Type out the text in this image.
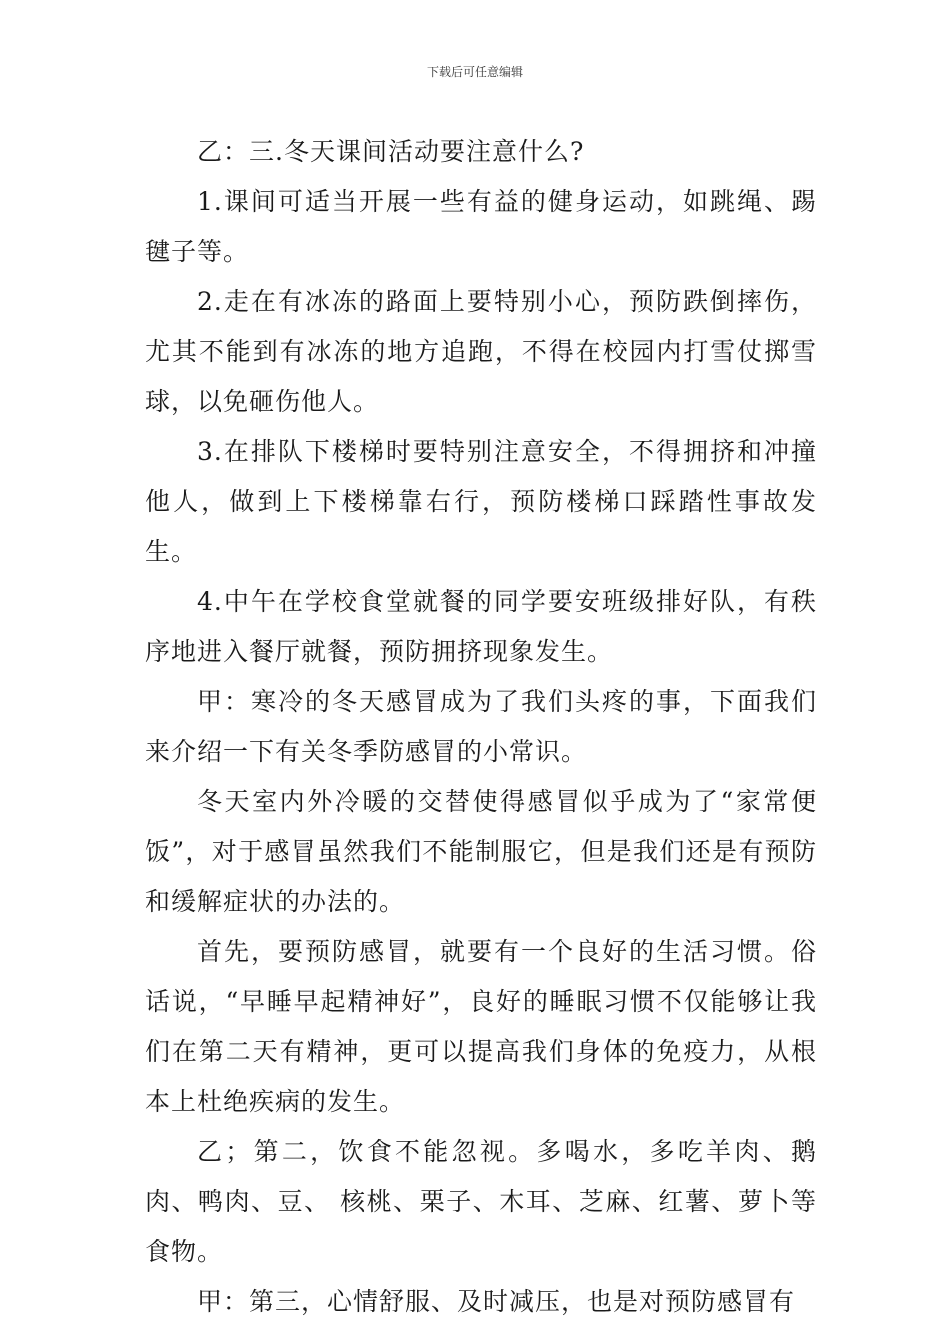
下载后可任意编辑

乙：三.冬天课间活动要注意什么?

1.课间可适当开展一些有益的健身运动，如跳绳、踢毽子等。

2.走在有冰冻的路面上要特别小心，预防跌倒摔伤，尤其不能到有冰冻的地方追跑，不得在校园内打雪仗掷雪球，以免砸伤他人。

3.在排队下楼梯时要特别注意安全，不得拥挤和冲撞他人，做到上下楼梯靠右行，预防楼梯口踩踏性事故发生。

4.中午在学校食堂就餐的同学要安班级排好队，有秩序地进入餐厅就餐，预防拥挤现象发生。

甲：寒冷的冬天感冒成为了我们头疼的事，下面我们来介绍一下有关冬季防感冒的小常识。

冬天室内外冷暖的交替使得感冒似乎成为了“家常便饭”，对于感冒虽然我们不能制服它，但是我们还是有预防和缓解症状的办法的。

首先，要预防感冒，就要有一个良好的生活习惯。俗话说，“早睡早起精神好”，良好的睡眠习惯不仅能够让我们在第二天有精神，更可以提高我们身体的免疫力，从根本上杜绝疾病的发生。

乙；第二，饮食不能忽视。多喝水，多吃羊肉、鹅肉、鸭肉、豆、 核桃、栗子、木耳、芝麻、红薯、萝卜等食物。

甲：第三，心情舒服、及时减压，也是对预防感冒有
